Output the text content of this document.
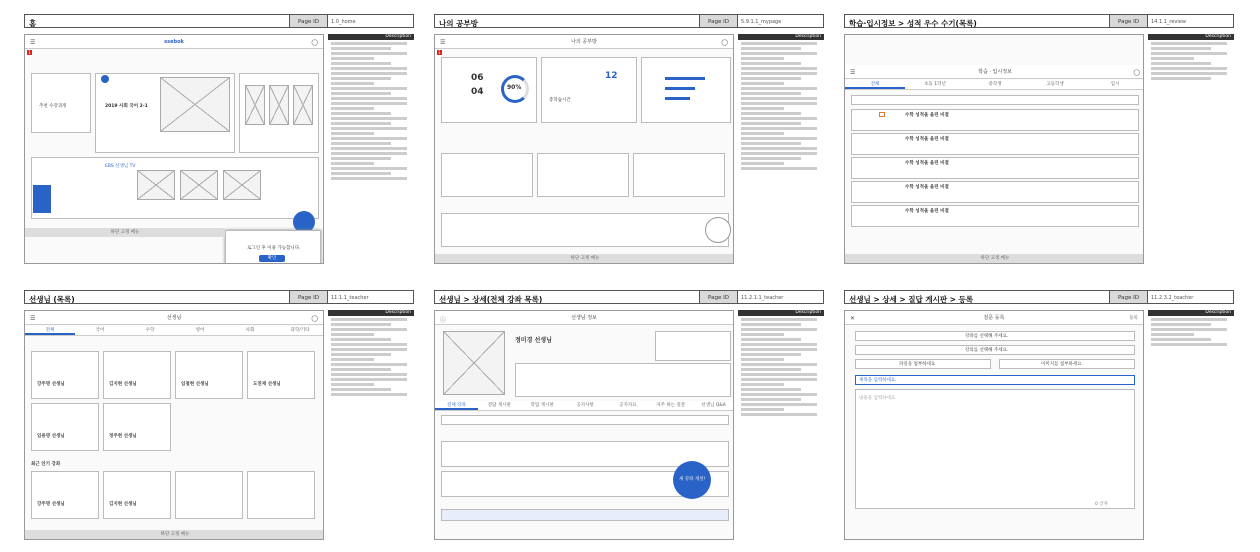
홈	Page ID	1.0_home
☰	ssebok	◯
1
추천 수강과정	2019 사회 국어 2-1
EBS 선생님 TV
로그인 후 이용 가능합니다.
확인
하단 고정 메뉴
Description
나의 공부방	Page ID	5.9.1.1_mypage
☰	나의 공부방	◯
1
06
04	90%
12
총학습시간
하단 고정 메뉴
Description
학습·입시정보 > 성적 우수 수기(목록)	Page ID	14.1.1_review
☰	학습 · 입시정보	◯
전체	초등 1학년	중학생	고등학생	입시
수학 성적을 올린 비결
수학 성적을 올린 비결
수학 성적을 올린 비결
수학 성적을 올린 비결
수학 성적을 올린 비결
하단 고정 메뉴
Description
선생님 (목록)	Page ID	11.1.1_teacher
☰	선생님	◯
전체	국어	수학	영어	사회	과학/기타
강주명 선생님	김지현 선생님	임철현 선생님	도연재 선생님
임용명 선생님	정주현 선생님
최근 인기 강좌
강주명 선생님	김지현 선생님
하단 고정 메뉴
Description
선생님 > 상세(전체 강좌 목록)	Page ID	11.2.1.1_teacher
ⓘ	선생님 정보
정미경 선생님
전체 강좌	질답 게시판	학업 게시판	공지사항	공지자료	자주 하는 질문	선생님 Q&A
새 강좌 개설!
Description
선생님 > 상세 > 질답 게시판 > 등록	Page ID	11.2.3.2_teacher
✕	질문 등록	등록
강좌를 선택해 주세요.
강의를 선택해 주세요.
파일을 첨부하세요	이미지를 첨부하세요
제목을 입력하세요.
내용을 입력하세요.
0 글자
Description
